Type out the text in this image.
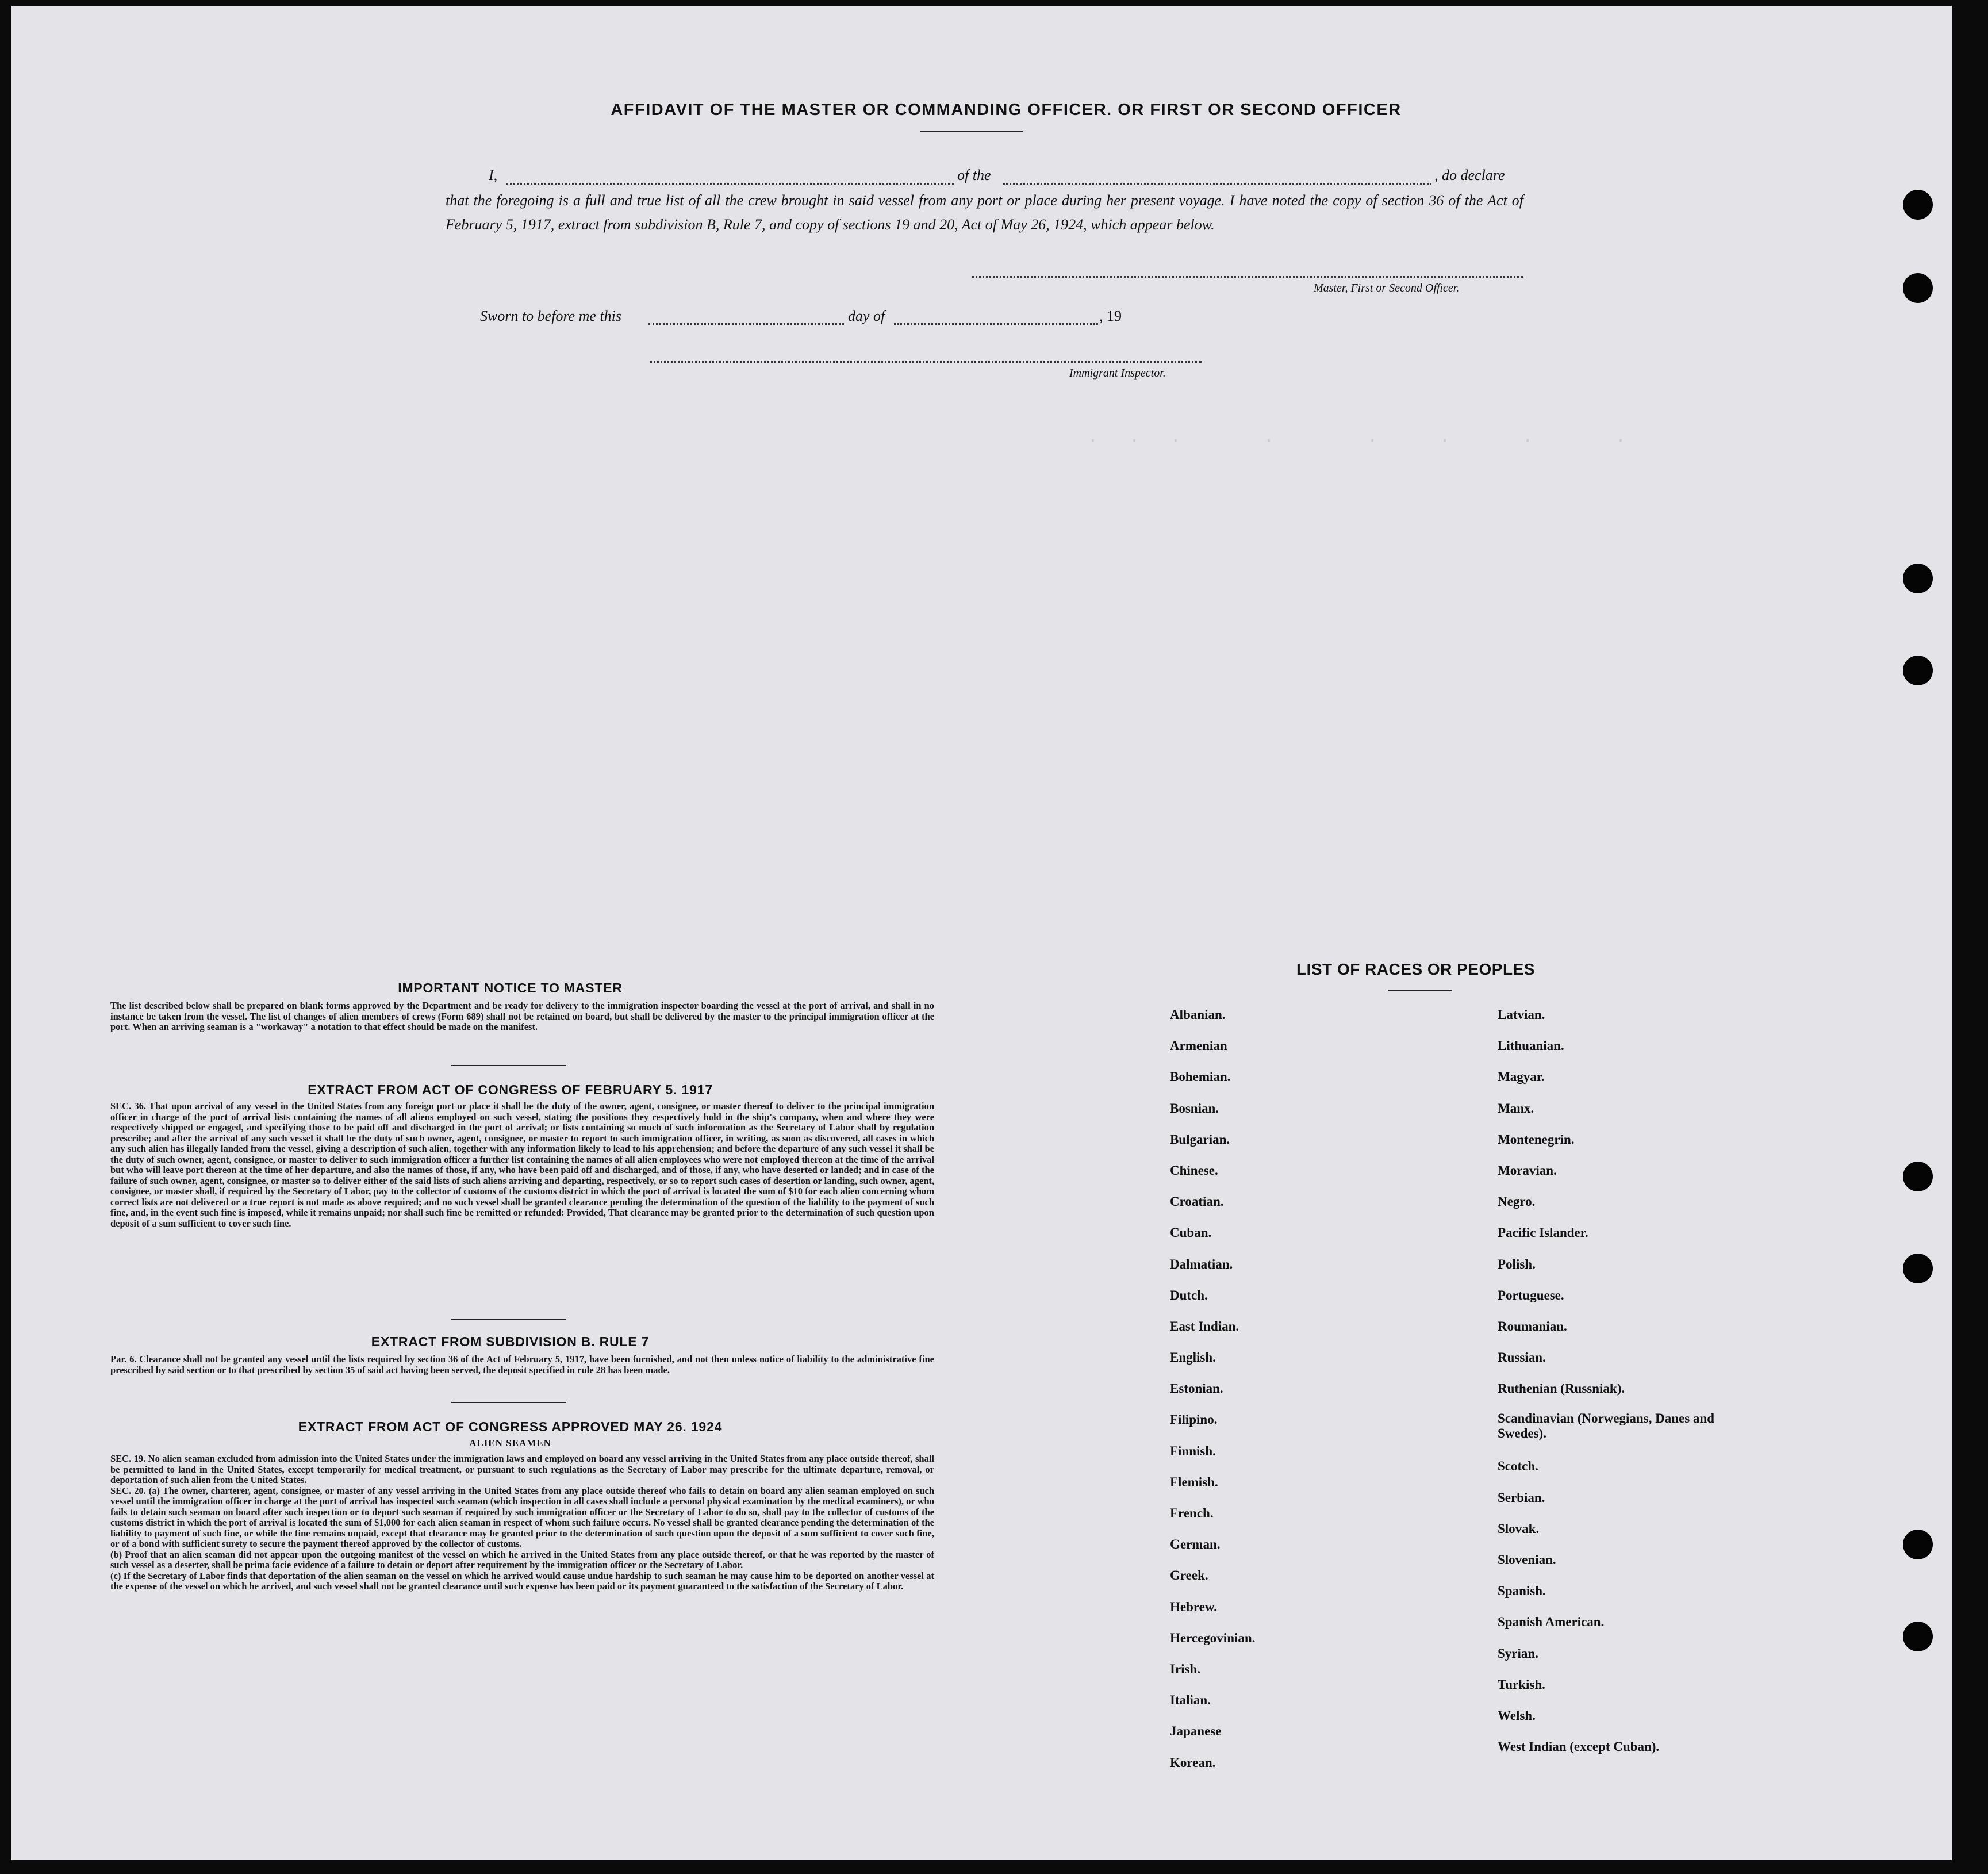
.   .   .        .         .      .       .        .

AFFIDAVIT OF THE MASTER OR COMMANDING OFFICER. OR FIRST OR SECOND OFFICER
I,	of the	, do declare
that the foregoing is a full and true list of all the crew brought in said vessel from any port or place during her present voyage. I have noted the copy of section 36 of the Act of February 5, 1917, extract from subdivision B, Rule 7, and copy of sections 19 and 20, Act of May 26, 1924, which appear below.
Master, First or Second Officer.
Sworn to before me this	day of	, 19
Immigrant Inspector.
IMPORTANT NOTICE TO MASTER
The list described below shall be prepared on blank forms approved by the Department and be ready for delivery to the immigration inspector boarding the vessel at the port of arrival, and shall in no instance be taken from the vessel. The list of changes of alien members of crews (Form 689) shall not be retained on board, but shall be delivered by the master to the principal immigration officer at the port. When an arriving seaman is a "workaway" a notation to that effect should be made on the manifest.
EXTRACT FROM ACT OF CONGRESS OF FEBRUARY 5. 1917
SEC. 36. That upon arrival of any vessel in the United States from any foreign port or place it shall be the duty of the owner, agent, consignee, or master thereof to deliver to the principal immigration officer in charge of the port of arrival lists containing the names of all aliens employed on such vessel, stating the positions they respectively hold in the ship's company, when and where they were respectively shipped or engaged, and specifying those to be paid off and discharged in the port of arrival; or lists containing so much of such information as the Secretary of Labor shall by regulation prescribe; and after the arrival of any such vessel it shall be the duty of such owner, agent, consignee, or master to report to such immigration officer, in writing, as soon as discovered, all cases in which any such alien has illegally landed from the vessel, giving a description of such alien, together with any information likely to lead to his apprehension; and before the departure of any such vessel it shall be the duty of such owner, agent, consignee, or master to deliver to such immigration officer a further list containing the names of all alien employees who were not employed thereon at the time of the arrival but who will leave port thereon at the time of her departure, and also the names of those, if any, who have been paid off and discharged, and of those, if any, who have deserted or landed; and in case of the failure of such owner, agent, consignee, or master so to deliver either of the said lists of such aliens arriving and departing, respectively, or so to report such cases of desertion or landing, such owner, agent, consignee, or master shall, if required by the Secretary of Labor, pay to the collector of customs of the customs district in which the port of arrival is located the sum of $10 for each alien concerning whom correct lists are not delivered or a true report is not made as above required; and no such vessel shall be granted clearance pending the determination of the question of the liability to the payment of such fine, and, in the event such fine is imposed, while it remains unpaid; nor shall such fine be remitted or refunded: Provided, That clearance may be granted prior to the determination of such question upon deposit of a sum sufficient to cover such fine.
EXTRACT FROM SUBDIVISION B. RULE 7
Par. 6. Clearance shall not be granted any vessel until the lists required by section 36 of the Act of February 5, 1917, have been furnished, and not then unless notice of liability to the administrative fine prescribed by said section or to that prescribed by section 35 of said act having been served, the deposit specified in rule 28 has been made.
EXTRACT FROM ACT OF CONGRESS APPROVED MAY 26. 1924
ALIEN SEAMEN
SEC. 19. No alien seaman excluded from admission into the United States under the immigration laws and employed on board any vessel arriving in the United States from any place outside thereof, shall be permitted to land in the United States, except temporarily for medical treatment, or pursuant to such regulations as the Secretary of Labor may prescribe for the ultimate departure, removal, or deportation of such alien from the United States.
SEC. 20. (a) The owner, charterer, agent, consignee, or master of any vessel arriving in the United States from any place outside thereof who fails to detain on board any alien seaman employed on such vessel until the immigration officer in charge at the port of arrival has inspected such seaman (which inspection in all cases shall include a personal physical examination by the medical examiners), or who fails to detain such seaman on board after such inspection or to deport such seaman if required by such immigration officer or the Secretary of Labor to do so, shall pay to the collector of customs of the customs district in which the port of arrival is located the sum of $1,000 for each alien seaman in respect of whom such failure occurs. No vessel shall be granted clearance pending the determination of the liability to payment of such fine, or while the fine remains unpaid, except that clearance may be granted prior to the determination of such question upon the deposit of a sum sufficient to cover such fine, or of a bond with sufficient surety to secure the payment thereof approved by the collector of customs.
(b) Proof that an alien seaman did not appear upon the outgoing manifest of the vessel on which he arrived in the United States from any place outside thereof, or that he was reported by the master of such vessel as a deserter, shall be prima facie evidence of a failure to detain or deport after requirement by the immigration officer or the Secretary of Labor.
(c) If the Secretary of Labor finds that deportation of the alien seaman on the vessel on which he arrived would cause undue hardship to such seaman he may cause him to be deported on another vessel at the expense of the vessel on which he arrived, and such vessel shall not be granted clearance until such expense has been paid or its payment guaranteed to the satisfaction of the Secretary of Labor.
LIST OF RACES OR PEOPLES
Albanian.
Armenian
Bohemian.
Bosnian.
Bulgarian.
Chinese.
Croatian.
Cuban.
Dalmatian.
Dutch.
East Indian.
English.
Estonian.
Filipino.
Finnish.
Flemish.
French.
German.
Greek.
Hebrew.
Hercegovinian.
Irish.
Italian.
Japanese
Korean.
Latvian.
Lithuanian.
Magyar.
Manx.
Montenegrin.
Moravian.
Negro.
Pacific Islander.
Polish.
Portuguese.
Roumanian.
Russian.
Ruthenian (Russniak).
Scandinavian (Norwegians, Danes and Swedes).
Scotch.
Serbian.
Slovak.
Slovenian.
Spanish.
Spanish American.
Syrian.
Turkish.
Welsh.
West Indian (except Cuban).
